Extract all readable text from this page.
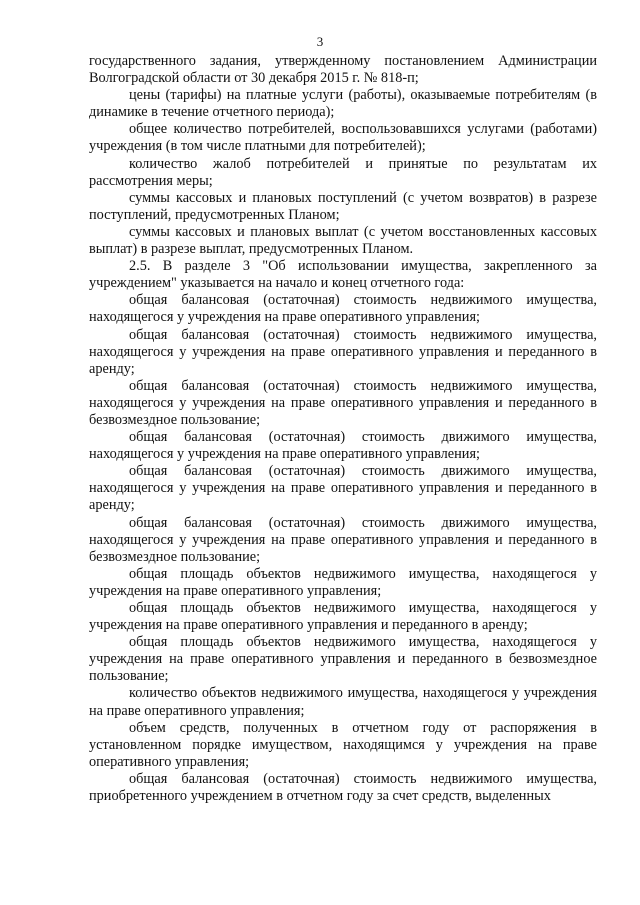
3

государственного задания, утвержденному постановлением Администрации Волгоградской области от 30 декабря 2015 г. № 818-п;

цены (тарифы) на платные услуги (работы), оказываемые потребителям (в динамике в течение отчетного периода);

общее количество потребителей, воспользовавшихся услугами (работами) учреждения (в том числе платными для потребителей);

количество жалоб потребителей и принятые по результатам их рассмотрения меры;

суммы кассовых и плановых поступлений (с учетом возвратов) в разрезе поступлений, предусмотренных Планом;

суммы кассовых и плановых выплат (с учетом восстановленных кассовых выплат) в разрезе выплат, предусмотренных Планом.

2.5. В разделе 3 "Об использовании имущества, закрепленного за учреждением" указывается на начало и конец отчетного года:

общая балансовая (остаточная) стоимость недвижимого имущества, находящегося у учреждения на праве оперативного управления;

общая балансовая (остаточная) стоимость недвижимого имущества, находящегося у учреждения на праве оперативного управления и переданного в аренду;

общая балансовая (остаточная) стоимость недвижимого имущества, находящегося у учреждения на праве оперативного управления и переданного в безвозмездное пользование;

общая балансовая (остаточная) стоимость движимого имущества, находящегося у учреждения на праве оперативного управления;

общая балансовая (остаточная) стоимость движимого имущества, находящегося у учреждения на праве оперативного управления и переданного в аренду;

общая балансовая (остаточная) стоимость движимого имущества, находящегося у учреждения на праве оперативного управления и переданного в безвозмездное пользование;

общая площадь объектов недвижимого имущества, находящегося у учреждения на праве оперативного управления;

общая площадь объектов недвижимого имущества, находящегося у учреждения на праве оперативного управления и переданного в аренду;

общая площадь объектов недвижимого имущества, находящегося у учреждения на праве оперативного управления и переданного в безвозмездное пользование;

количество объектов недвижимого имущества, находящегося у учреждения на праве оперативного управления;

объем средств, полученных в отчетном году от распоряжения в установленном порядке имуществом, находящимся у учреждения на праве оперативного управления;

общая балансовая (остаточная) стоимость недвижимого имущества, приобретенного учреждением в отчетном году за счет средств, выделенных
